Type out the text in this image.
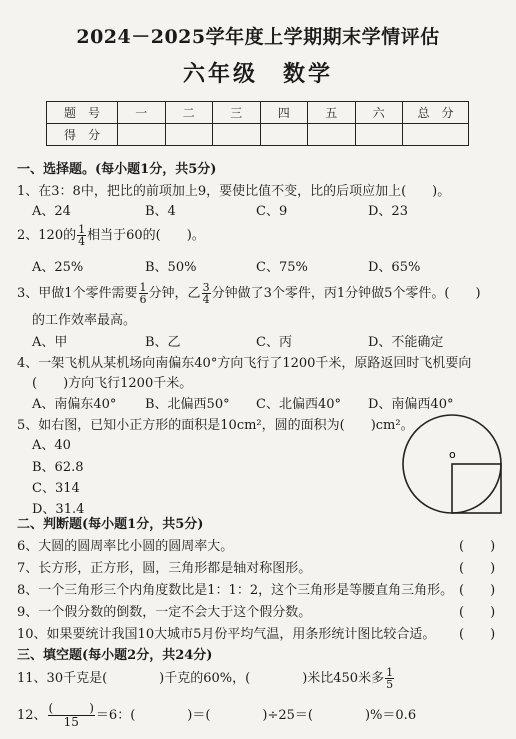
2024－2025学年度上学期期末学情评估
六年级　数学
题　号	一	二	三	四	五	六	总　分
得　分							
一、选择题。(每小题1分，共5分)
1、在3：8中，把比的前项加上9，要使比值不变，比的后项应加上(　　)。
A、24	B、4	C、9	D、23
2、120的 $\frac{1}{4}$ 相当于60的(　　)。
A、25%	B、50%	C、75%	D、65%
3、甲做1个零件需要 $\frac{1}{6}$ 分钟，乙 $\frac{3}{4}$ 分钟做了3个零件，丙1分钟做5个零件。(　　)
的工作效率最高。
A、甲	B、乙	C、丙	D、不能确定
4、一架飞机从某机场向南偏东40°方向飞行了1200千米，原路返回时飞机要向
(　　)方向飞行1200千米。
A、南偏东40° B、北偏西50° C、北偏西40° D、南偏西40°
5、如右图，已知小正方形的面积是10cm²，圆的面积为(　　)cm²。
A、40
B、62.8
C、314
D、31.4
o
二、判断题(每小题1分，共5分)
6、大圆的圆周率比小圆的圆周率大。	(　　)
7、长方形，正方形，圆，三角形都是轴对称图形。	(　　)
8、一个三角形三个内角度数比是1：1：2，这个三角形是等腰直角三角形。 (　　)
9、一个假分数的倒数，一定不会大于这个假分数。	(　　)
10、如果要统计我国10大城市5月份平均气温，用条形统计图比较合适。 (　　)
三、填空题(每小题2分，共24分)
11、30千克是(　　　　)千克的60%，(　　　　)米比450米多 $\frac{1}{5}$
12、 $\frac{( )}{15} =6$：(　　　　)＝(　　　　)÷25＝(　　　　)%＝0.6
